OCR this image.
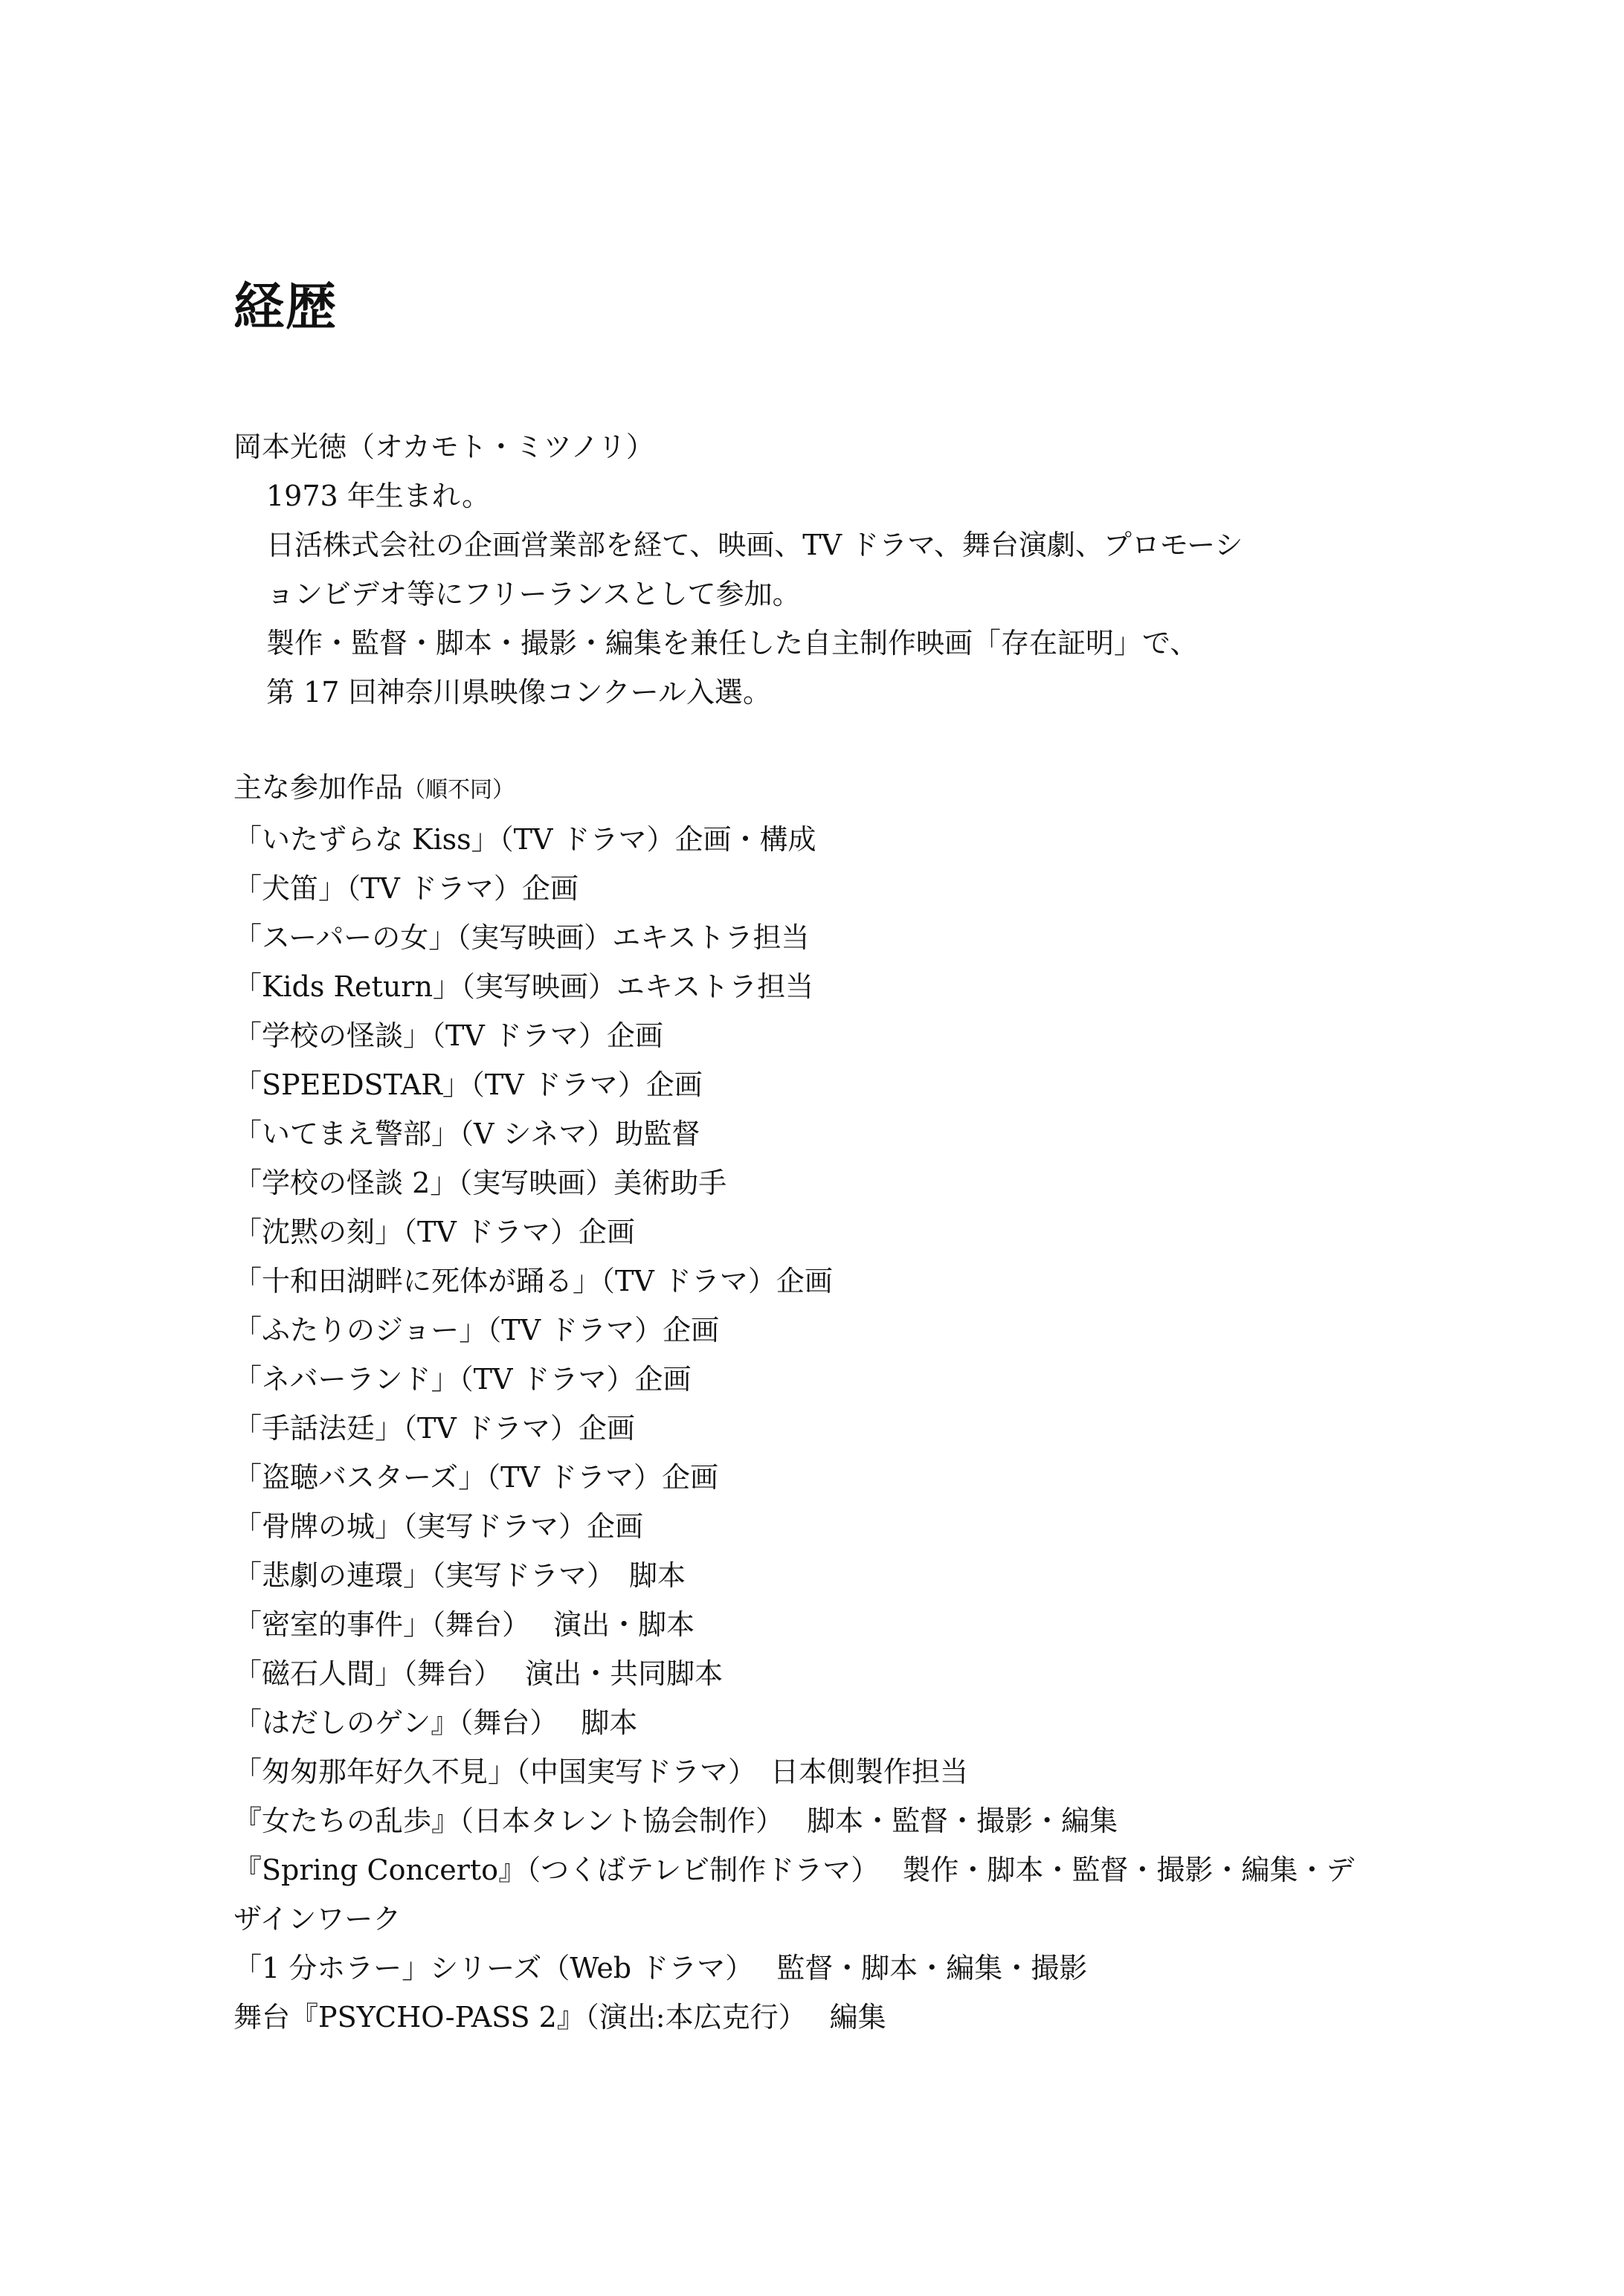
経歴
岡本光徳（オカモト・ミツノリ）
1973 年生まれ。
日活株式会社の企画営業部を経て、映画、TV ドラマ、舞台演劇、プロモーシ
ョンビデオ等にフリーランスとして参加。
製作・監督・脚本・撮影・編集を兼任した自主制作映画「存在証明」で、
第 17 回神奈川県映像コンクール入選。
主な参加作品（順不同）
「いたずらな Kiss」（TV ドラマ）企画・構成
「犬笛」（TV ドラマ）企画
「スーパーの女」（実写映画）エキストラ担当
「Kids Return」（実写映画）エキストラ担当
「学校の怪談」（TV ドラマ）企画
「SPEEDSTAR」（TV ドラマ）企画
「いてまえ警部」（V シネマ）助監督
「学校の怪談 2」（実写映画）美術助手
「沈黙の刻」（TV ドラマ）企画
「十和田湖畔に死体が踊る」（TV ドラマ）企画
「ふたりのジョー」（TV ドラマ）企画
「ネバーランド」（TV ドラマ）企画
「手話法廷」（TV ドラマ）企画
「盗聴バスターズ」（TV ドラマ）企画
「骨牌の城」（実写ドラマ）企画
「悲劇の連環」（実写ドラマ）　脚本
「密室的事件」（舞台）　 演出・脚本
「磁石人間」（舞台）　 演出・共同脚本
「はだしのゲン』（舞台）　 脚本
「匆匆那年好久不見」（中国実写ドラマ）　日本側製作担当
『女たちの乱歩』（日本タレント協会制作）　 脚本・監督・撮影・編集
『Spring Concerto』（つくばテレビ制作ドラマ）　 製作・脚本・監督・撮影・編集・デ
ザインワーク
「1 分ホラー」シリーズ（Web ドラマ）　 監督・脚本・編集・撮影
舞台『PSYCHO-PASS 2』（演出:本広克行）　 編集
